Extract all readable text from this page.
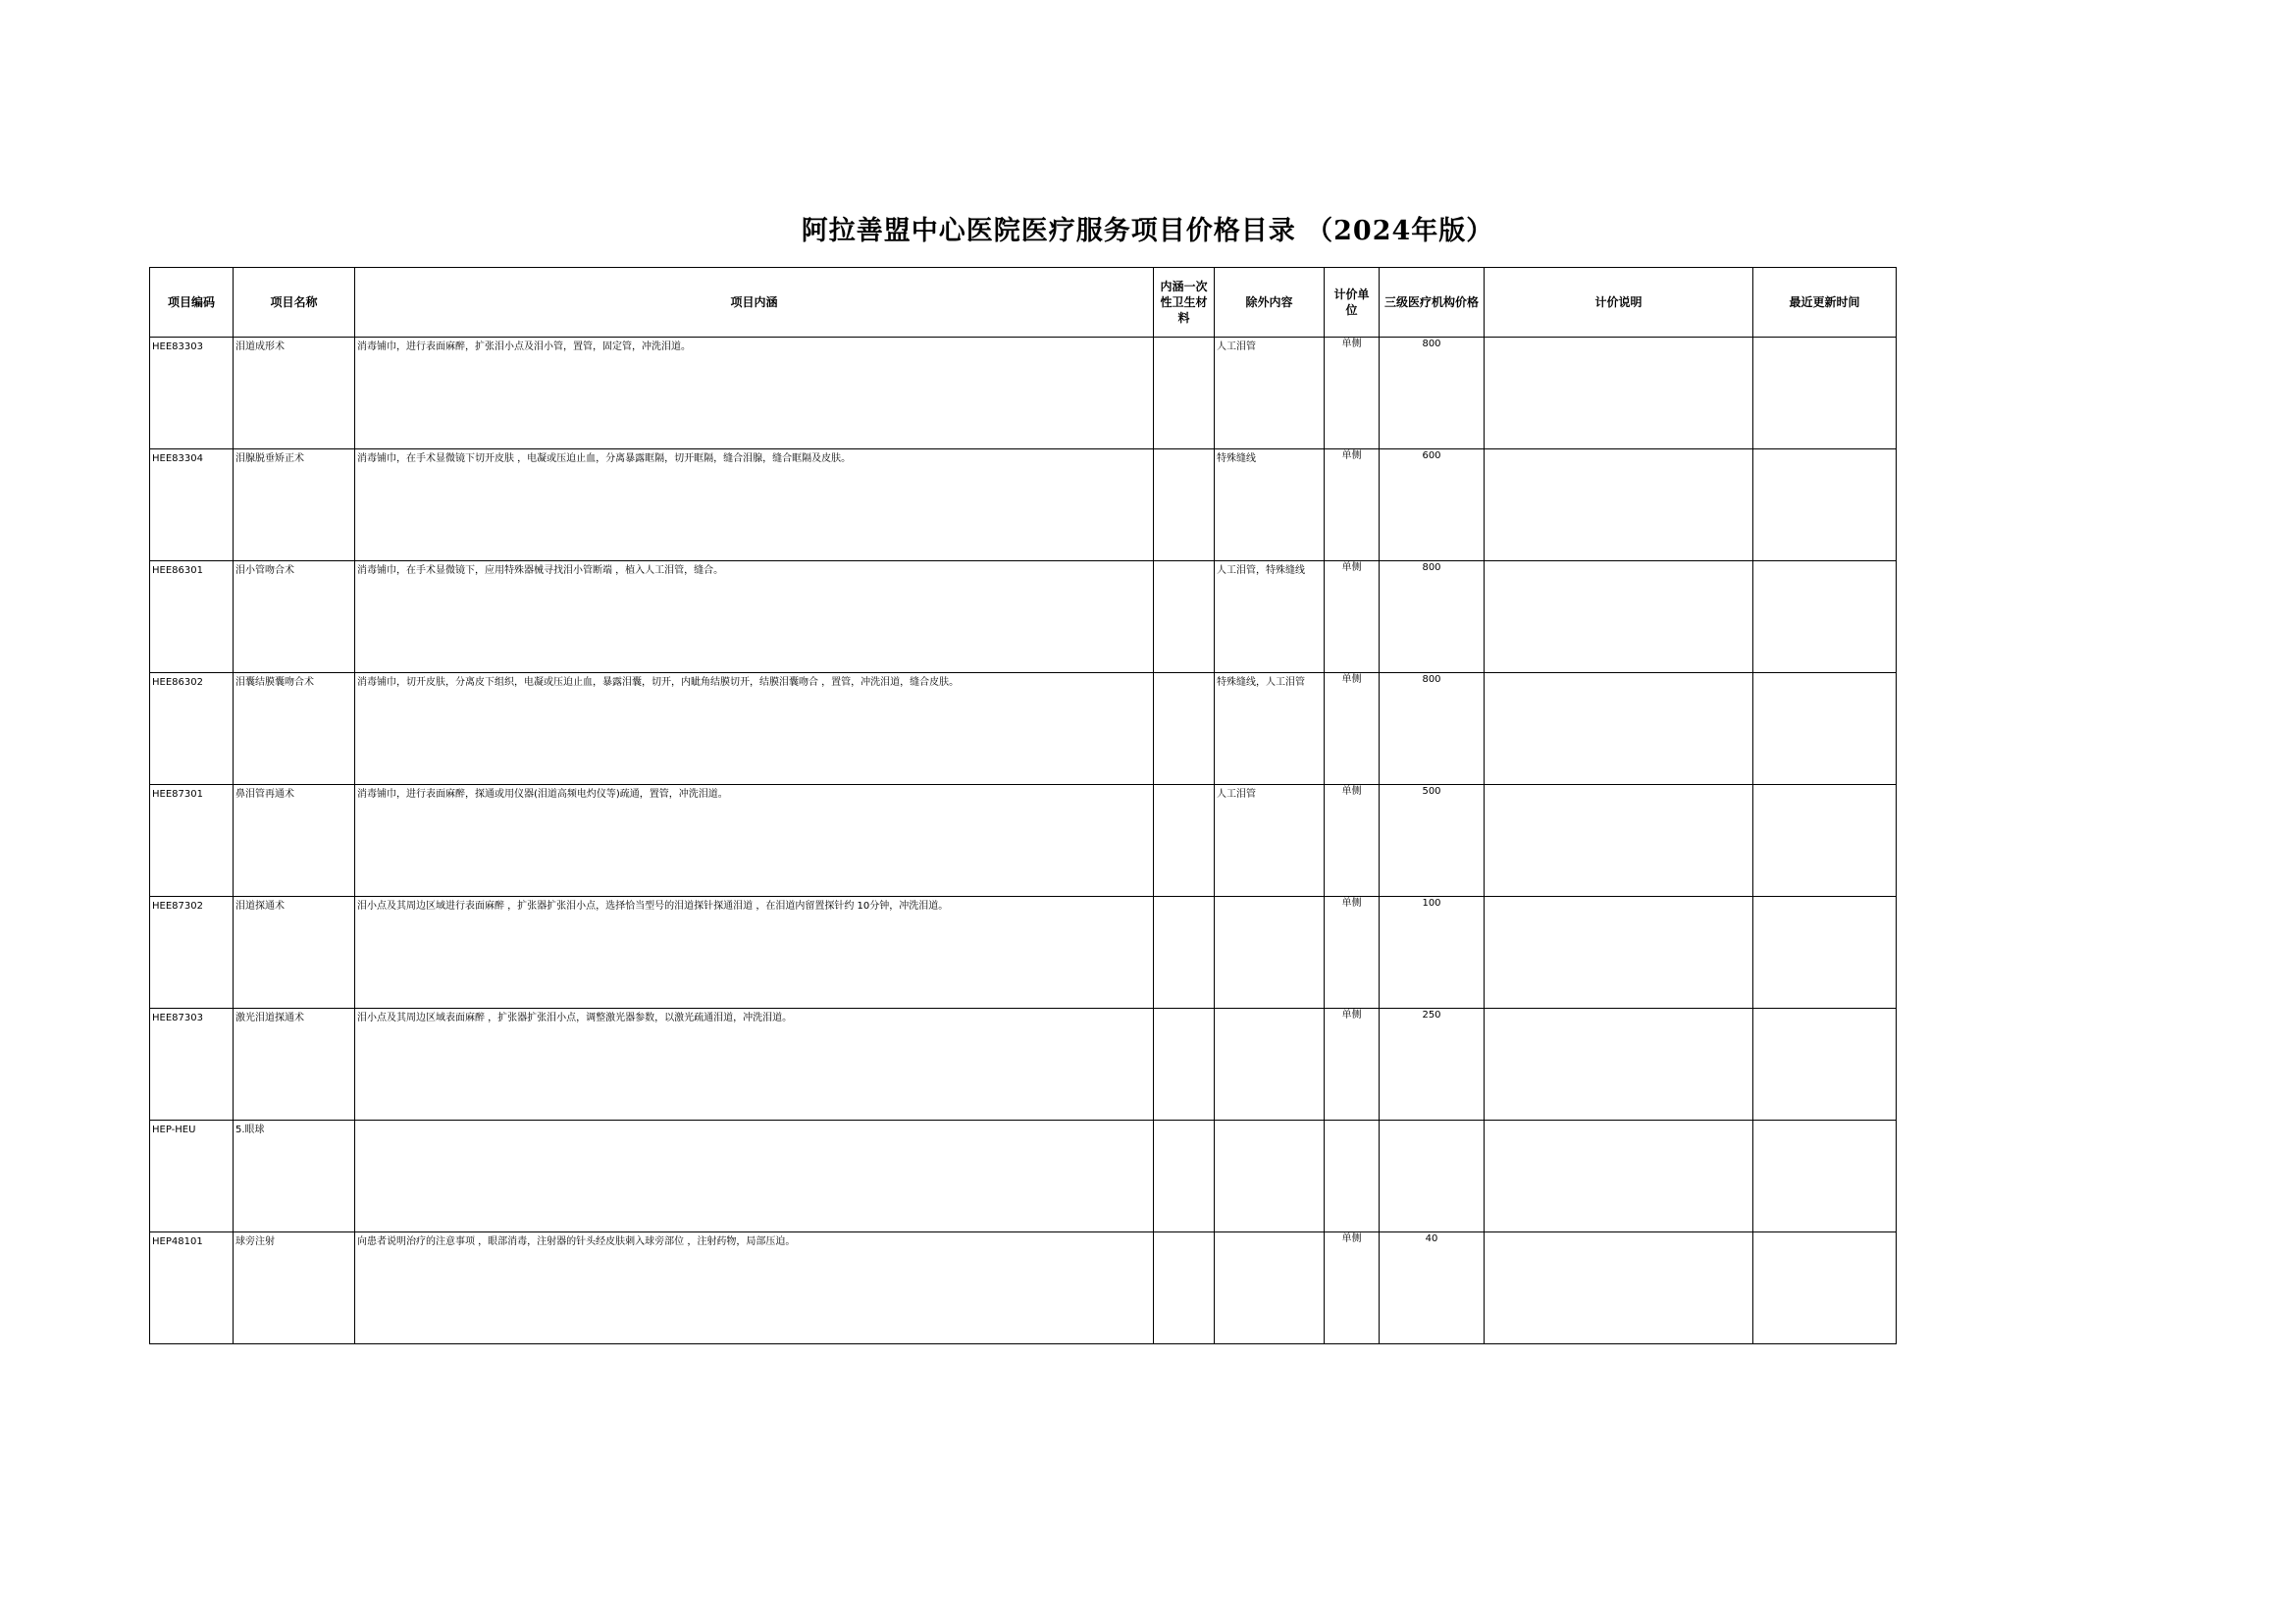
阿拉善盟中心医院医疗服务项目价格目录 （2024年版）
项目编码	项目名称	项目内涵	内涵一次性卫生材料	除外内容	计价单位	三级医疗机构价格	计价说明	最近更新时间

HEE83303	泪道成形术	消毒铺巾，进行表面麻醉，扩张泪小点及泪小管，置管，固定管，冲洗泪道。		人工泪管	单侧	800		

HEE83304	泪腺脱垂矫正术	消毒铺巾，在手术显微镜下切开皮肤 ，电凝或压迫止血，分离暴露眶隔，切开眶隔，缝合泪腺，缝合眶隔及皮肤。		特殊缝线	单侧	600		

HEE86301	泪小管吻合术	消毒铺巾，在手术显微镜下，应用特殊器械寻找泪小管断端 ，植入人工泪管，缝合。		人工泪管，特殊缝线	单侧	800		

HEE86302	泪囊结膜囊吻合术	消毒铺巾，切开皮肤，分离皮下组织，电凝或压迫止血，暴露泪囊，切开，内眦角结膜切开，结膜泪囊吻合 ，置管，冲洗泪道，缝合皮肤。		特殊缝线，人工泪管	单侧	800		

HEE87301	鼻泪管再通术	消毒铺巾，进行表面麻醉，探通或用仪器(泪道高频电灼仪等)疏通，置管，冲洗泪道。		人工泪管	单侧	500		

HEE87302	泪道探通术	泪小点及其周边区域进行表面麻醉 ，扩张器扩张泪小点，选择恰当型号的泪道探针探通泪道 ，在泪道内留置探针约 10分钟，冲洗泪道。			单侧	100		

HEE87303	激光泪道探通术	泪小点及其周边区域表面麻醉 ，扩张器扩张泪小点，调整激光器参数，以激光疏通泪道，冲洗泪道。			单侧	250		

HEP-HEU	5.眼球							

HEP48101	球旁注射	向患者说明治疗的注意事项 ，眼部消毒，注射器的针头经皮肤刺入球旁部位 ，注射药物，局部压迫。			单侧	40		
